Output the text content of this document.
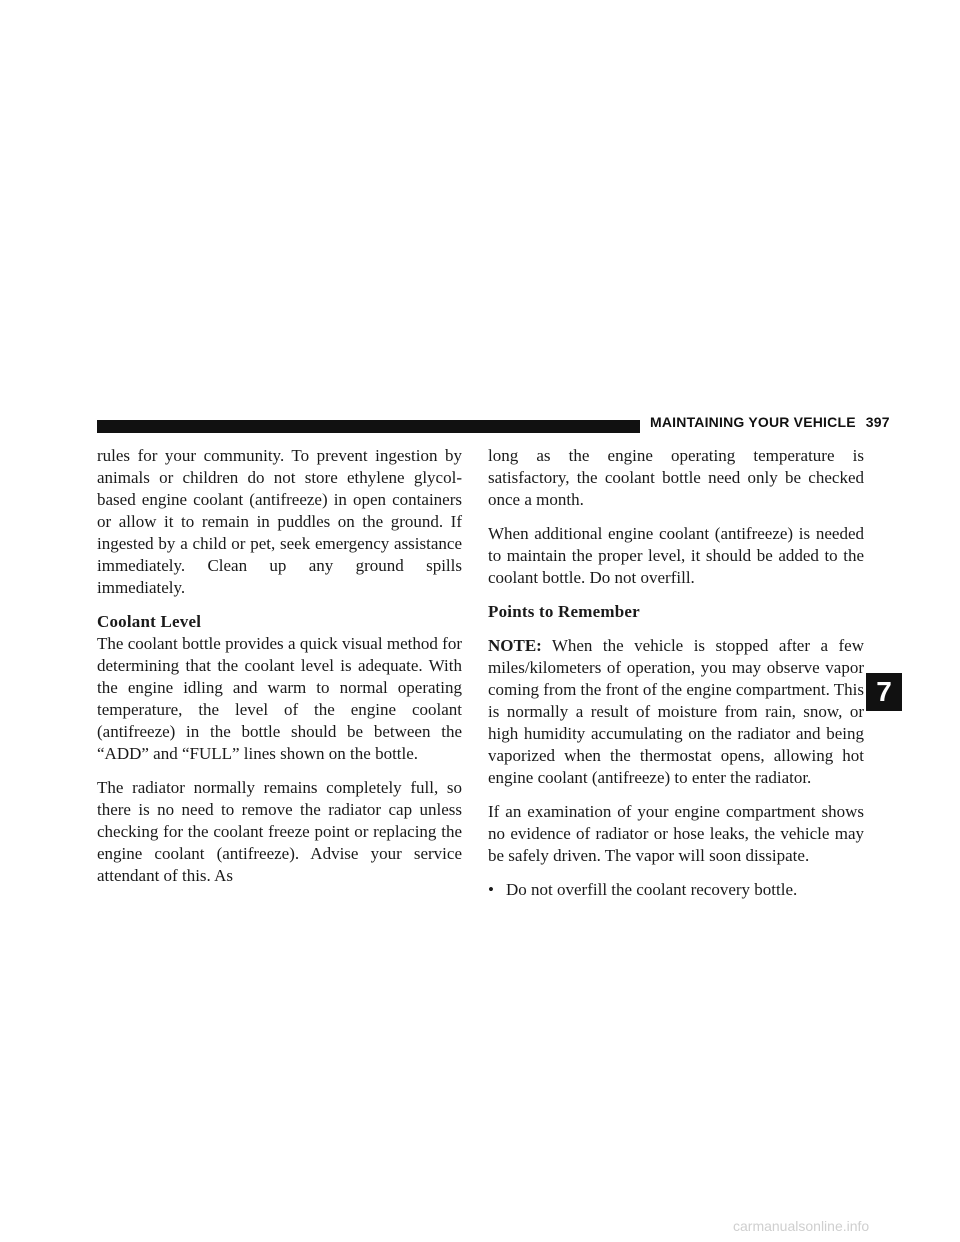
MAINTAINING YOUR VEHICLE 397

rules for your community. To prevent ingestion by animals or children do not store ethylene glycol-based engine coolant (antifreeze) in open containers or allow it to remain in puddles on the ground. If ingested by a child or pet, seek emergency assistance immediately. Clean up any ground spills immediately.

Coolant Level

The coolant bottle provides a quick visual method for determining that the coolant level is adequate. With the engine idling and warm to normal operating temperature, the level of the engine coolant (antifreeze) in the bottle should be between the “ADD” and “FULL” lines shown on the bottle.

The radiator normally remains completely full, so there is no need to remove the radiator cap unless checking for the coolant freeze point or replacing the engine coolant (antifreeze). Advise your service attendant of this. As

long as the engine operating temperature is satisfactory, the coolant bottle need only be checked once a month.

When additional engine coolant (antifreeze) is needed to maintain the proper level, it should be added to the coolant bottle. Do not overfill.

Points to Remember

NOTE: When the vehicle is stopped after a few miles/kilometers of operation, you may observe vapor coming from the front of the engine compartment. This is normally a result of moisture from rain, snow, or high humidity accumulating on the radiator and being vaporized when the thermostat opens, allowing hot engine coolant (antifreeze) to enter the radiator.

If an examination of your engine compartment shows no evidence of radiator or hose leaks, the vehicle may be safely driven. The vapor will soon dissipate.

• Do not overfill the coolant recovery bottle.
7
carmanualsonline.info
